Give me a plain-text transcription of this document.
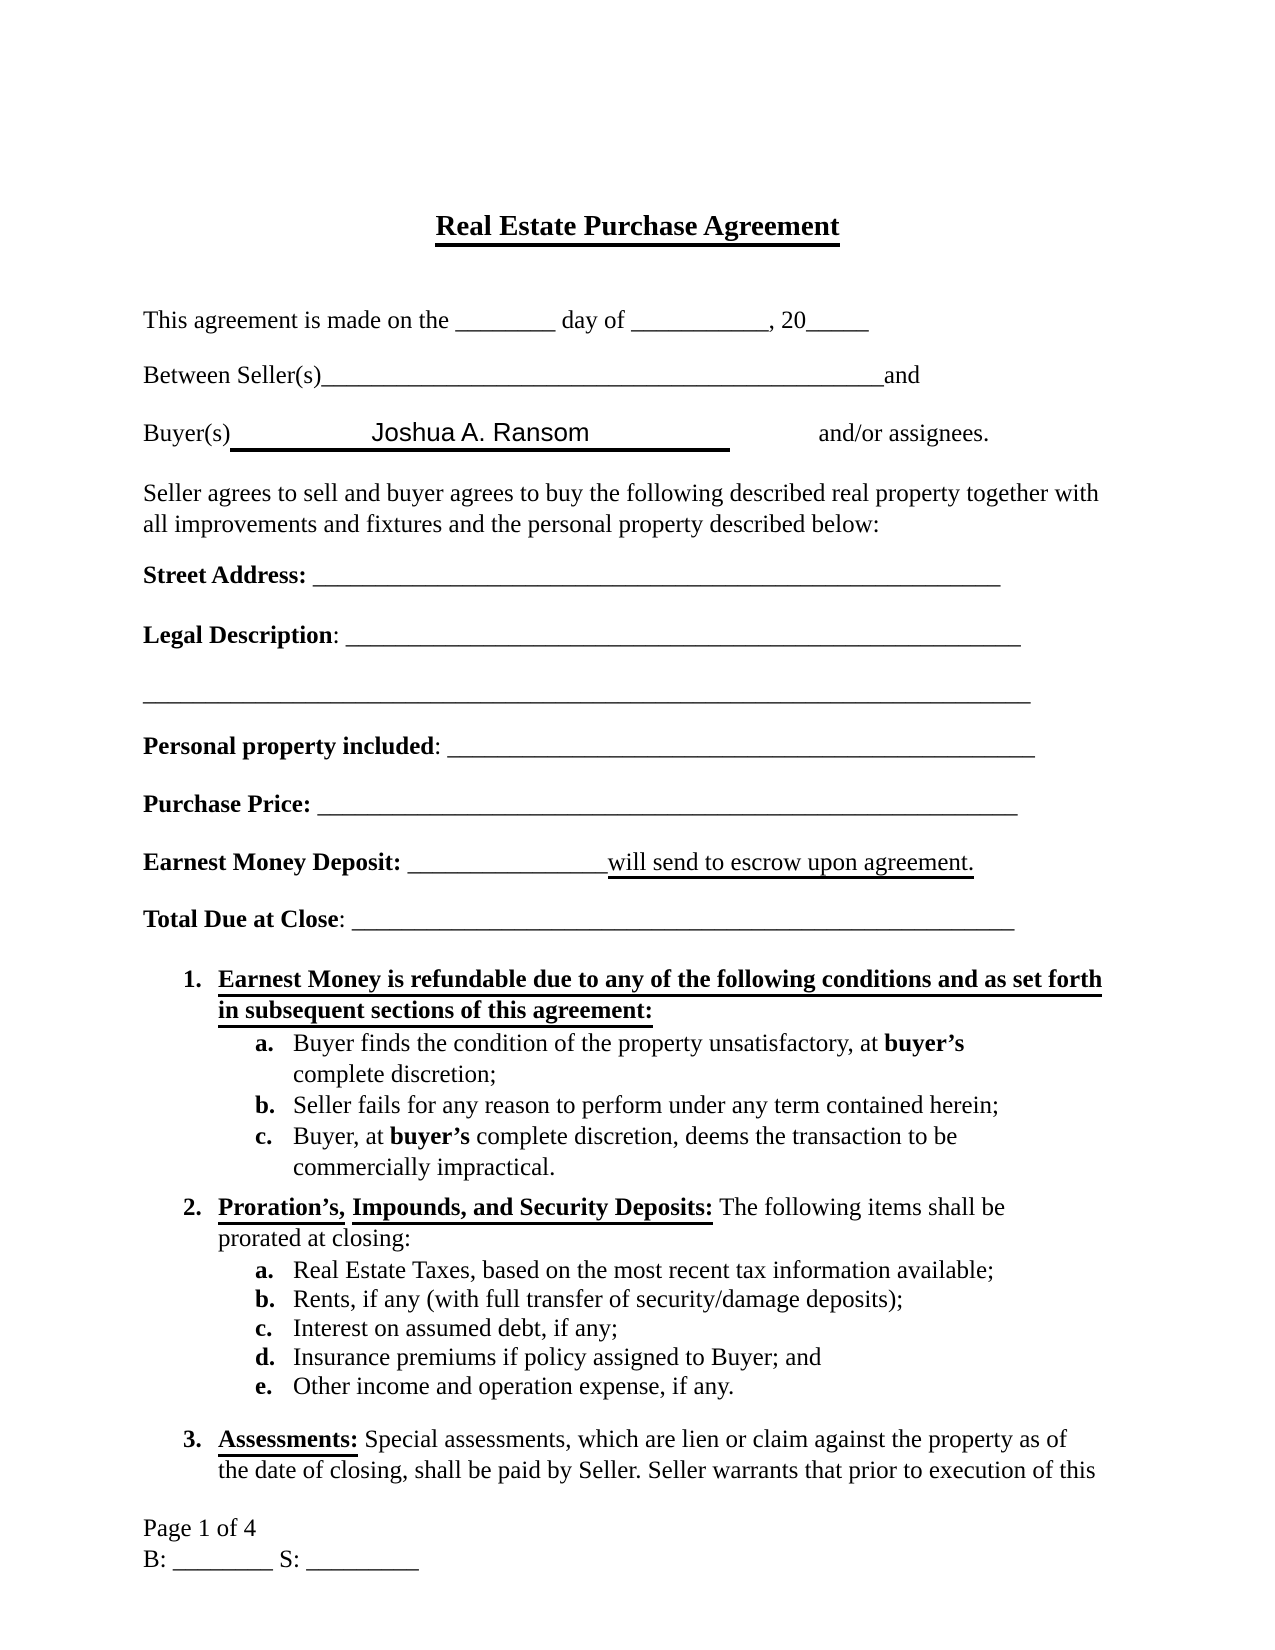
Real Estate Purchase Agreement

This agreement is made on the ________ day of ___________, 20_____

Between Seller(s)_____________________________________________and

Buyer(s)	Joshua A. Ransom	and/or assignees.

Seller agrees to sell and buyer agrees to buy the following described real property together with
all improvements and fixtures and the personal property described below:

Street Address: _______________________________________________________

Legal Description: ______________________________________________________

_______________________________________________________________________

Personal property included: _______________________________________________

Purchase Price: ________________________________________________________

Earnest Money Deposit: ________________will send to escrow upon agreement.

Total Due at Close: _____________________________________________________

1. Earnest Money is refundable due to any of the following conditions and as set forth
in subsequent sections of this agreement:
a. Buyer finds the condition of the property unsatisfactory, at buyer’s
complete discretion;
b. Seller fails for any reason to perform under any term contained herein;
c. Buyer, at buyer’s complete discretion, deems the transaction to be
commercially impractical.
2. Proration’s, Impounds, and Security Deposits: The following items shall be
prorated at closing:
a. Real Estate Taxes, based on the most recent tax information available;
b. Rents, if any (with full transfer of security/damage deposits);
c. Interest on assumed debt, if any;
d. Insurance premiums if policy assigned to Buyer; and
e. Other income and operation expense, if any.
3. Assessments: Special assessments, which are lien or claim against the property as of
the date of closing, shall be paid by Seller. Seller warrants that prior to execution of this

Page 1 of 4
B: ________ S: _________
